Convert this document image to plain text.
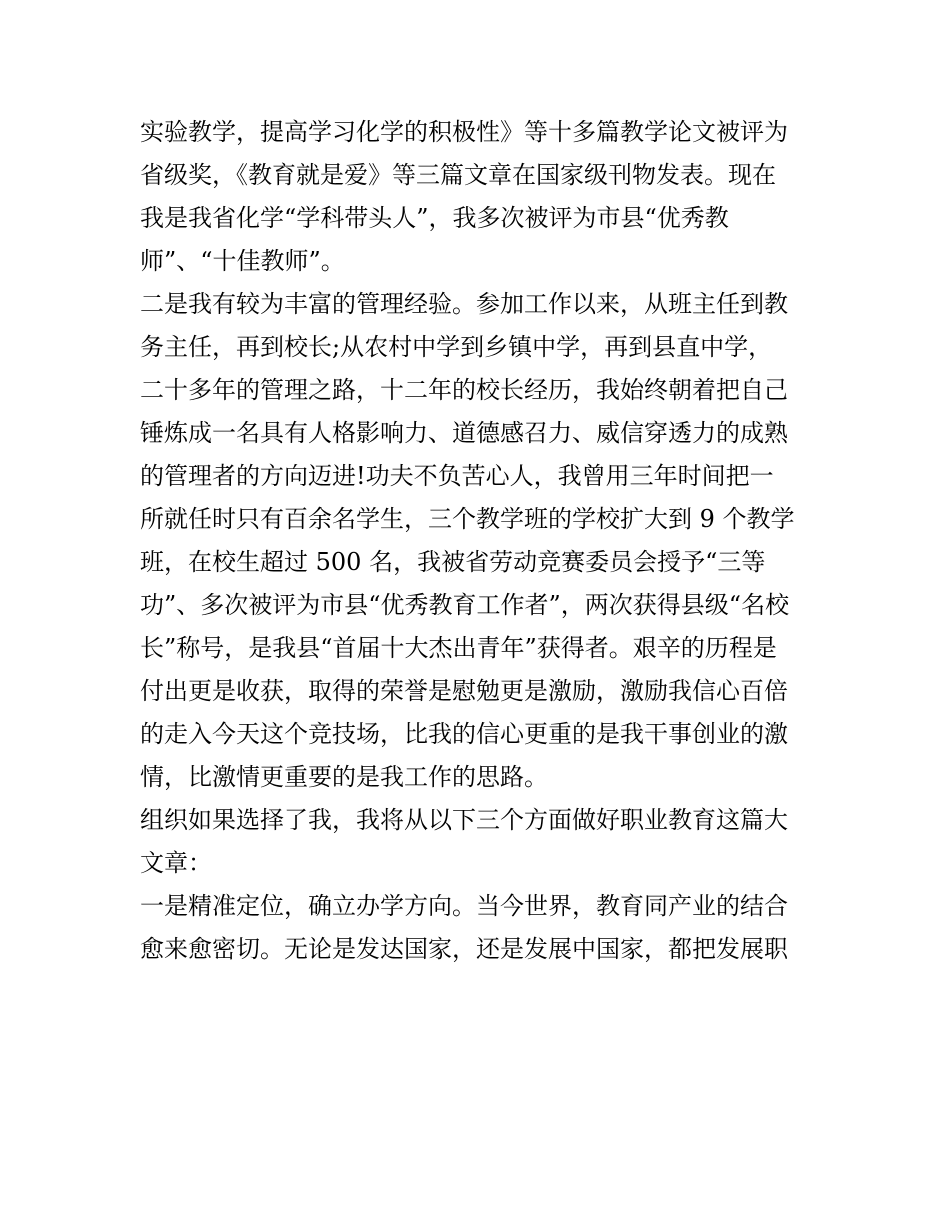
实验教学，提高学习化学的积极性》等十多篇教学论文被评为
省级奖，《教育就是爱》等三篇文章在国家级刊物发表。现在
我是我省化学“学科带头人”，我多次被评为市县“优秀教
师”、“十佳教师”。
二是我有较为丰富的管理经验。参加工作以来，从班主任到教
务主任，再到校长;从农村中学到乡镇中学，再到县直中学，
二十多年的管理之路，十二年的校长经历，我始终朝着把自己
锤炼成一名具有人格影响力、道德感召力、威信穿透力的成熟
的管理者的方向迈进!功夫不负苦心人，我曾用三年时间把一
所就任时只有百余名学生，三个教学班的学校扩大到 9 个教学
班，在校生超过 500 名，我被省劳动竞赛委员会授予“三等
功”、多次被评为市县“优秀教育工作者”，两次获得县级“名校
长”称号，是我县“首届十大杰出青年”获得者。艰辛的历程是
付出更是收获，取得的荣誉是慰勉更是激励，激励我信心百倍
的走入今天这个竞技场，比我的信心更重的是我干事创业的激
情，比激情更重要的是我工作的思路。
组织如果选择了我，我将从以下三个方面做好职业教育这篇大
文章：
一是精准定位，确立办学方向。当今世界，教育同产业的结合
愈来愈密切。无论是发达国家，还是发展中国家，都把发展职
